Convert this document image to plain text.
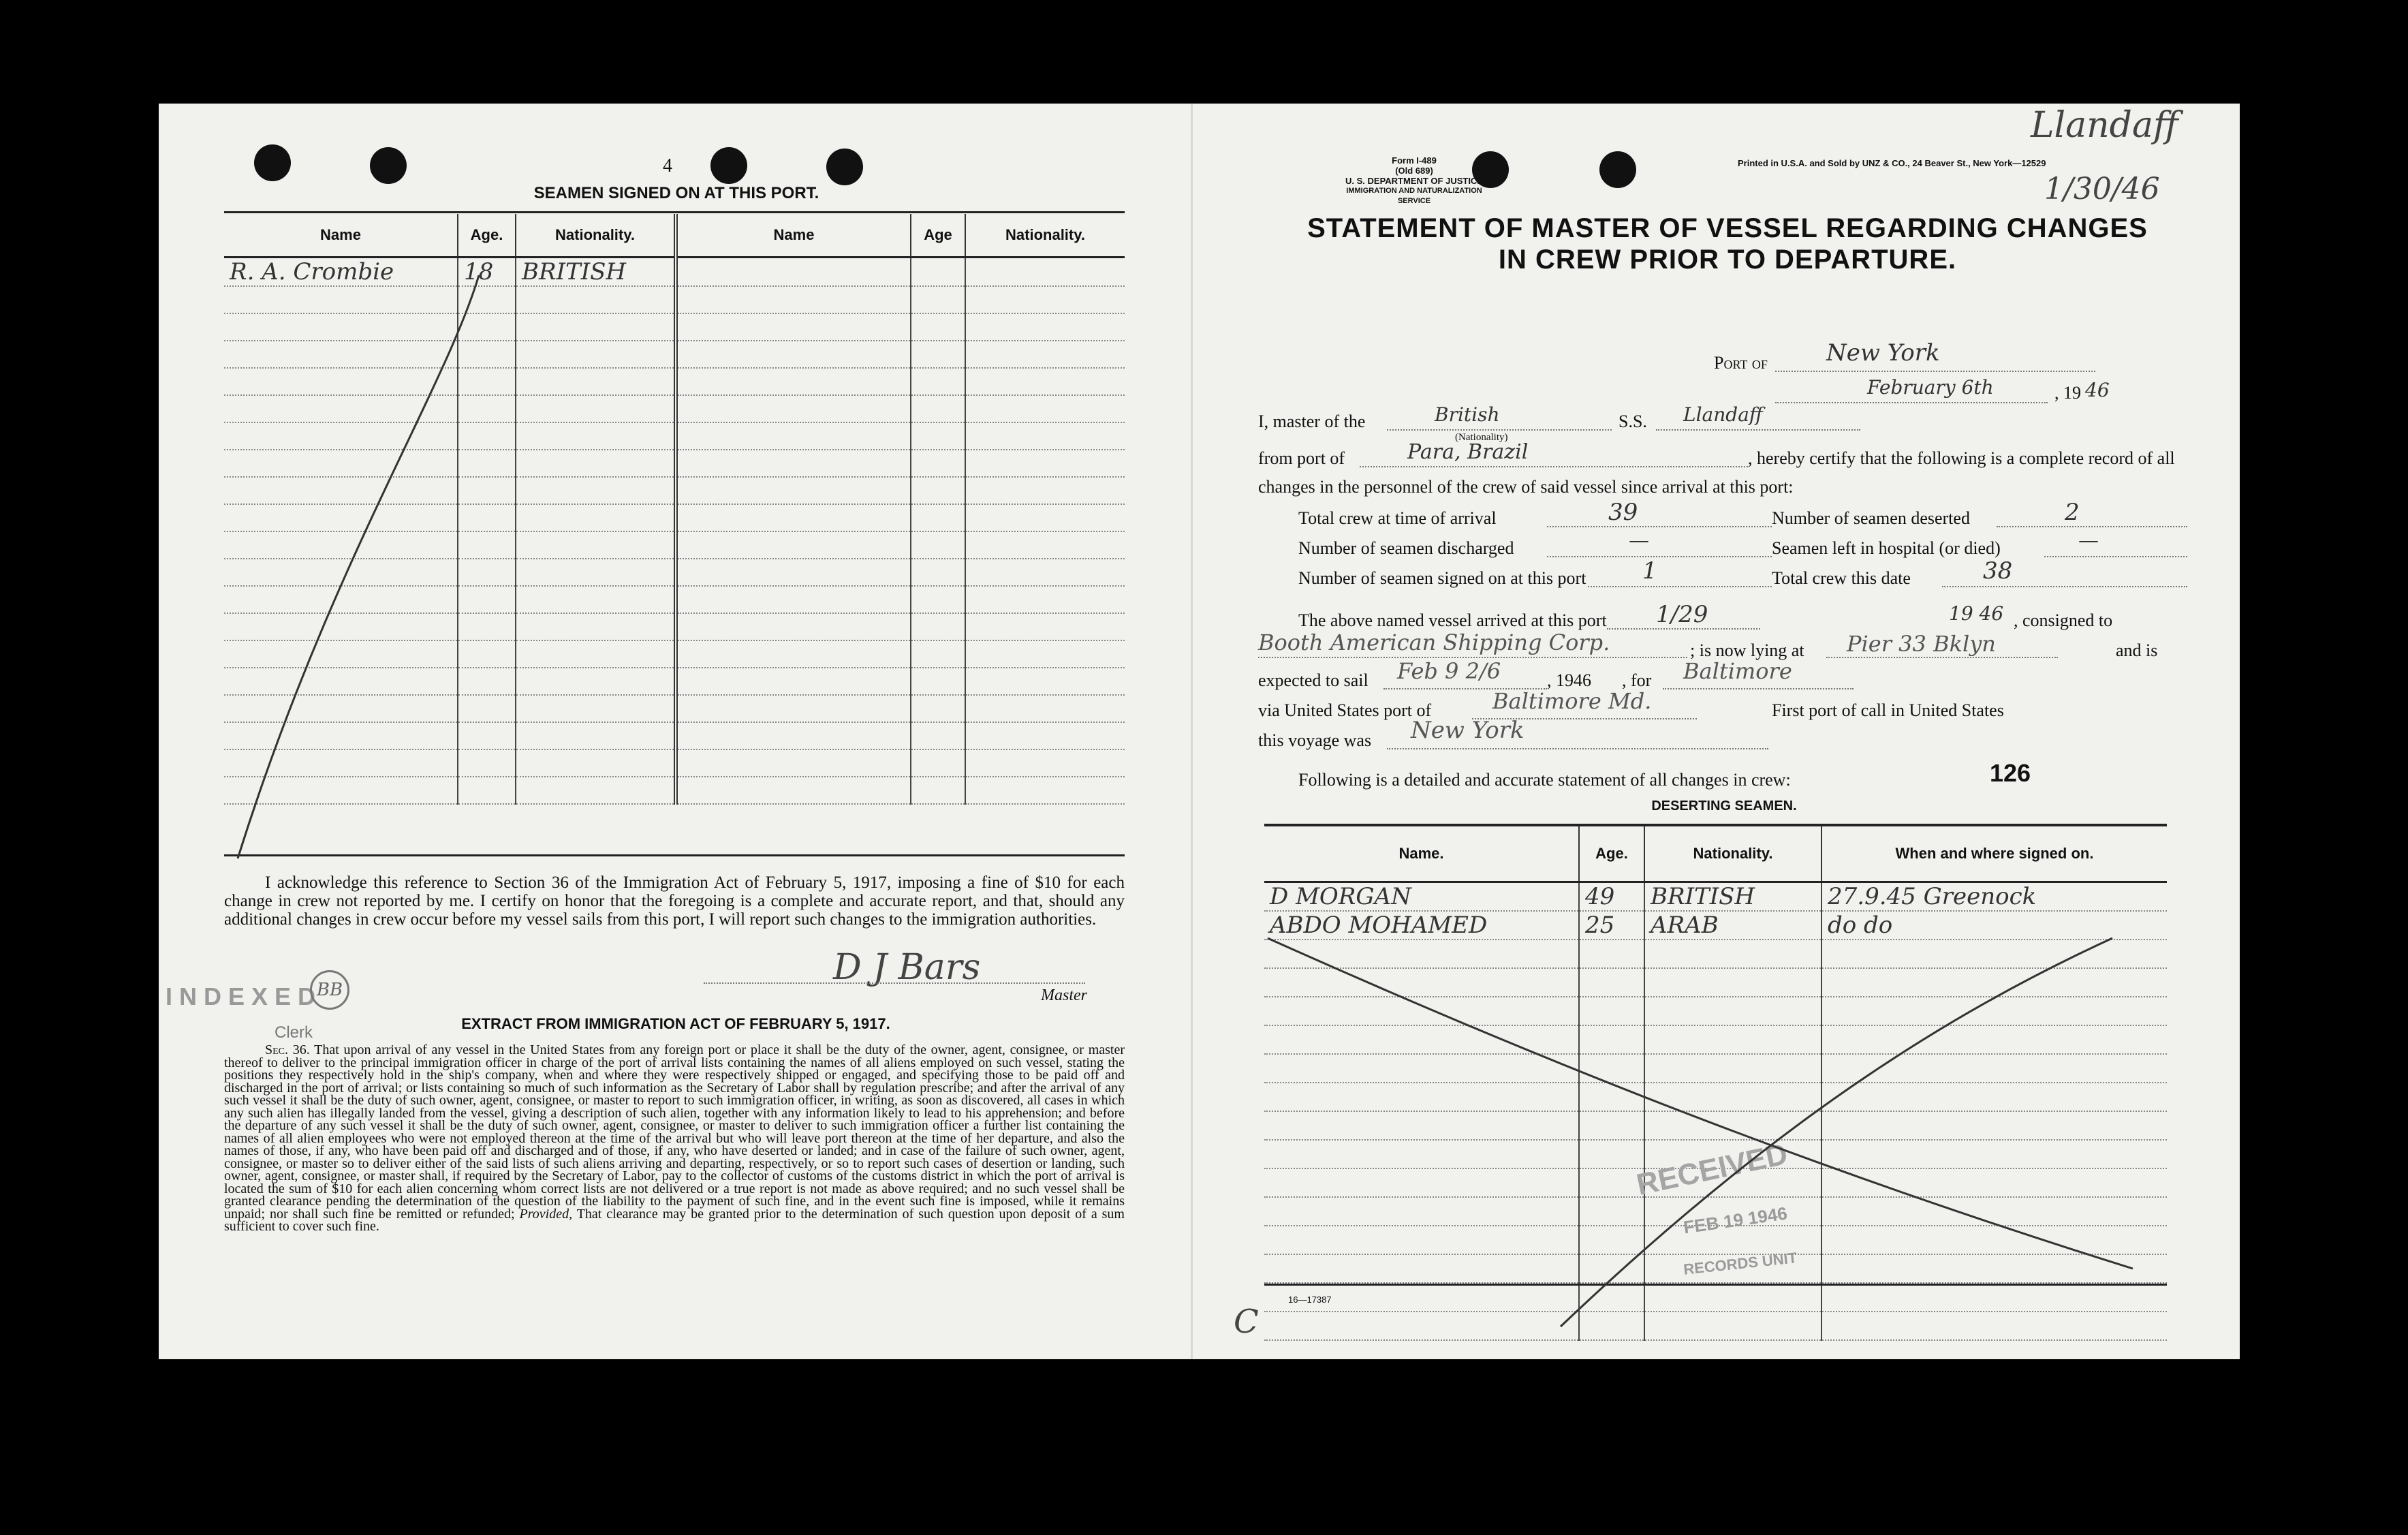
4
SEAMEN SIGNED ON AT THIS PORT.
Name	Age.	Nationality.	Name	Age	Nationality.
R. A. Crombie	18	BRITISH			

I acknowledge this reference to Section 36 of the Immigration Act of February 5, 1917, imposing a fine of $10 for each change in crew not reported by me. I certify on honor that the foregoing is a complete and accurate report, and that, should any additional changes in crew occur before my vessel sails from this port, I will report such changes to the immigration authorities.
INDEXED
BB
Clerk
D J Bars
Master
EXTRACT FROM IMMIGRATION ACT OF FEBRUARY 5, 1917.
Sec. 36. That upon arrival of any vessel in the United States from any foreign port or place it shall be the duty of the owner, agent, consignee, or master thereof to deliver to the principal immigration officer in charge of the port of arrival lists containing the names of all aliens employed on such vessel, stating the positions they respectively hold in the ship's company, when and where they were respectively shipped or engaged, and specifying those to be paid off and discharged in the port of arrival; or lists containing so much of such information as the Secretary of Labor shall by regulation prescribe; and after the arrival of any such vessel it shall be the duty of such owner, agent, consignee, or master to report to such immigration officer, in writing, as soon as discovered, all cases in which any such alien has illegally landed from the vessel, giving a description of such alien, together with any information likely to lead to his apprehension; and before the departure of any such vessel it shall be the duty of such owner, agent, consignee, or master to deliver to such immigration officer a further list containing the names of all alien employees who were not employed thereon at the time of the arrival but who will leave port thereon at the time of her departure, and also the names of those, if any, who have been paid off and discharged and of those, if any, who have deserted or landed; and in case of the failure of such owner, agent, consignee, or master so to deliver either of the said lists of such aliens arriving and departing, respectively, or so to report such cases of desertion or landing, such owner, agent, consignee, or master shall, if required by the Secretary of Labor, pay to the collector of customs of the customs district in which the port of arrival is located the sum of $10 for each alien concerning whom correct lists are not delivered or a true report is not made as above required; and no such vessel shall be granted clearance pending the determination of the question of the liability to the payment of such fine, and in the event such fine is imposed, while it remains unpaid; nor shall such fine be remitted or refunded; Provided, That clearance may be granted prior to the determination of such question upon deposit of a sum sufficient to cover such fine.
Form I-489
(Old 689)
U. S. DEPARTMENT OF JUSTICE
IMMIGRATION AND NATURALIZATION SERVICE
Printed in U.S.A. and Sold by UNZ & CO., 24 Beaver St., New York—12529
Llandaff
1/30/46
STATEMENT OF MASTER OF VESSEL REGARDING CHANGES
IN CREW PRIOR TO DEPARTURE.
Port of	New York
February 6th	, 19 46
I, master of the	British
(Nationality)
S.S. Llandaff
from port of	Para, Brazil	, hereby certify that the following is a complete record of all
changes in the personnel of the crew of said vessel since arrival at this port:
Total crew at time of arrival	39	Number of seamen deserted	2
Number of seamen discharged	—	Seamen left in hospital (or died)	—
Number of seamen signed on at this port 1	Total crew this date	38
The above named vessel arrived at this port 1/29	19 46 , consigned to
Booth American Shipping Corp.	; is now lying at Pier 33 Bklyn	and is
expected to sail Feb 9 2/6	, 1946 , for Baltimore
via United States port of	Baltimore Md.	First port of call in United States
this voyage was New York
Following is a detailed and accurate statement of all changes in crew:	126
DESERTING SEAMEN.
Name.	Age.	Nationality.	When and where signed on.
D MORGAN	49	BRITISH	27.9.45 Greenock
ABDO MOHAMED	25	ARAB	do do

RECEIVED
FEB 19 1946
RECORDS UNIT
16—17387
C
